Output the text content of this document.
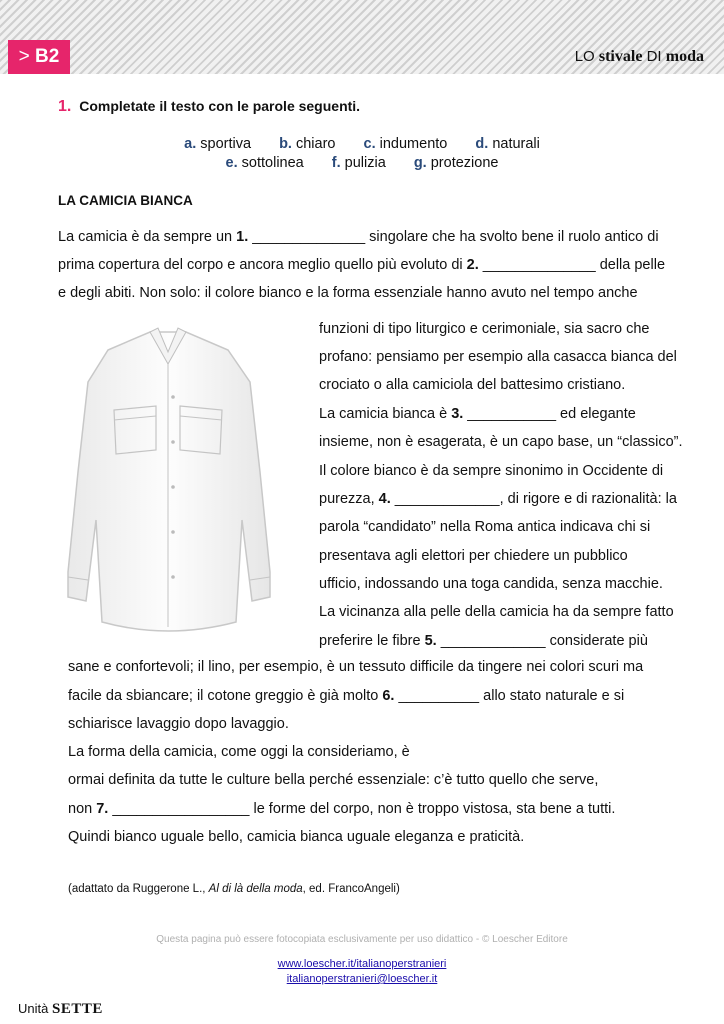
> B2	LO stivale DI moda
1. Completate il testo con le parole seguenti.
a. sportiva b. chiaro c. indumento d. naturali
e. sottolinea f. pulizia g. protezione
LA CAMICIA BIANCA
La camicia è da sempre un 1. ______________ singolare che ha svolto bene il ruolo antico di
prima copertura del corpo e ancora meglio quello più evoluto di 2. ______________ della pelle
e degli abiti. Non solo: il colore bianco e la forma essenziale hanno avuto nel tempo anche
funzioni di tipo liturgico e cerimoniale, sia sacro che
profano: pensiamo per esempio alla casacca bianca del
crociato o alla camiciola del battesimo cristiano.
La camicia bianca è 3. ___________ ed elegante
insieme, non è esagerata, è un capo base, un “classico”.
Il colore bianco è da sempre sinonimo in Occidente di
purezza, 4. _____________, di rigore e di razionalità: la
parola “candidato” nella Roma antica indicava chi si
presentava agli elettori per chiedere un pubblico
ufficio, indossando una toga candida, senza macchie.
La vicinanza alla pelle della camicia ha da sempre fatto
preferire le fibre 5. _____________ considerate più
sane e confortevoli; il lino, per esempio, è un tessuto difficile da tingere nei colori scuri ma
facile da sbiancare; il cotone greggio è già molto 6. __________ allo stato naturale e si
schiarisce lavaggio dopo lavaggio.
La forma della camicia, come oggi la consideriamo, è
ormai definita da tutte le culture bella perché essenziale: c’è tutto quello che serve,
non 7. _________________ le forme del corpo, non è troppo vistosa, sta bene a tutti.
Quindi bianco uguale bello, camicia bianca uguale eleganza e praticità.
(adattato da Ruggerone L., Al di là della moda, ed. FrancoAngeli)
Questa pagina può essere fotocopiata esclusivamente per uso didattico - © Loescher Editore
www.loescher.it/italianoperstranieri
italianoperstranieri@loescher.it
Unità SETTE
